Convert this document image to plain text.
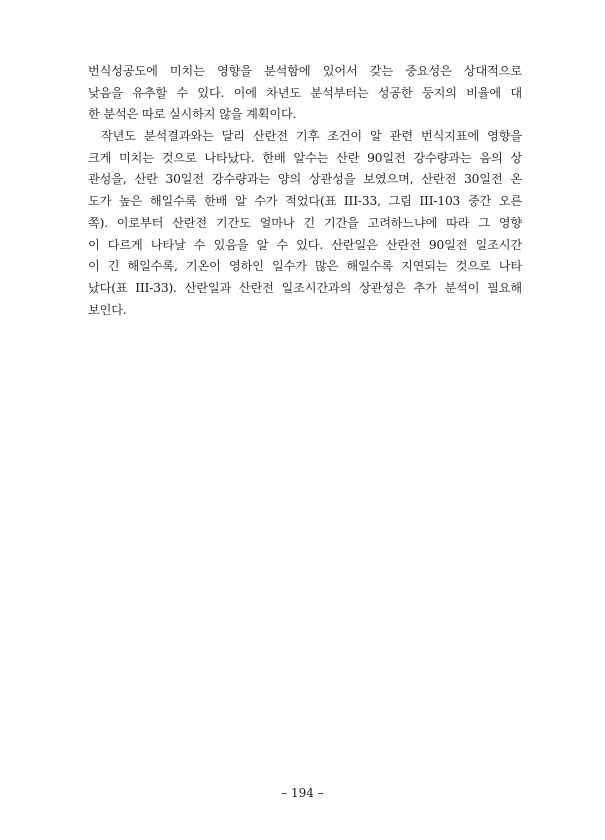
번식성공도에 미치는 영향을 분석함에 있어서 갖는 중요성은 상대적으로
낮음을 유추할 수 있다. 이에 차년도 분석부터는 성공한 둥지의 비율에 대
한 분석은 따로 실시하지 않을 계획이다.
작년도 분석결과와는 달리 산란전 기후 조건이 알 관련 번식지표에 영향을
크게 미치는 것으로 나타났다. 한배 알수는 산란 90일전 강수량과는 음의 상
관성을, 산란 30일전 강수량과는 양의 상관성을 보였으며, 산란전 30일전 온
도가 높은 해일수록 한배 알 수가 적었다(표 III-33, 그림 III-103 중간 오른
쪽). 이로부터 산란전 기간도 얼마나 긴 기간을 고려하느냐에 따라 그 영향
이 다르게 나타날 수 있음을 알 수 있다. 산란일은 산란전 90일전 일조시간
이 긴 해일수록, 기온이 영하인 일수가 많은 해일수록 지연되는 것으로 나타
났다(표 III-33). 산란일과 산란전 일조시간과의 상관성은 추가 분석이 필요해
보인다.
– 194 –
